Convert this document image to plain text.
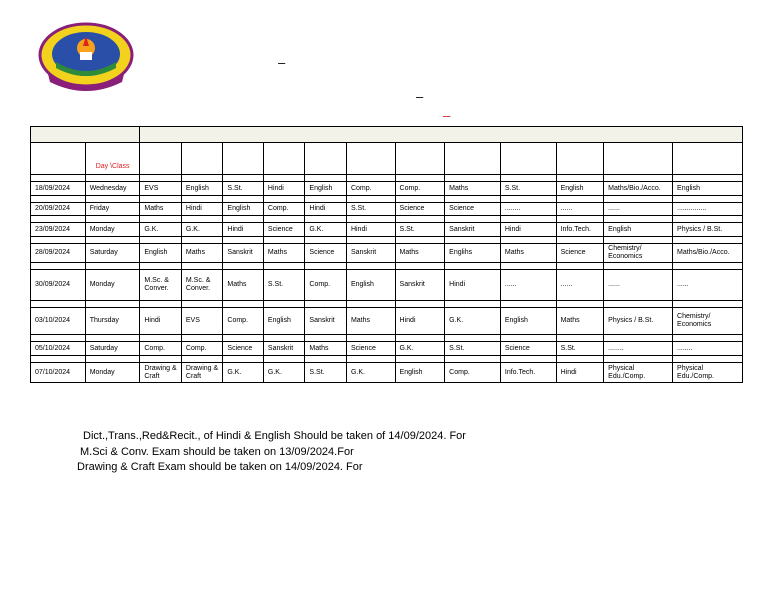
–
–
–

	Day \Class												

18/09/2024	Wednesday	EVS	English	S.St.	Hindi	English	Comp.	Comp.	Maths	S.St.	English	Maths/Bio./Acco.	English

20/09/2024	Friday	Maths	Hindi	English	Comp.	Hindi	S.St.	Science	Science	........	......	......	...............

23/09/2024	Monday	G.K.	G.K.	Hindi	Science	G.K.	Hindi	S.St.	Sanskrit	Hindi	Info.Tech.	English	Physics / B.St.

28/09/2024	Saturday	English	Maths	Sanskrit	Maths	Science	Sanskrit	Maths	Englihs	Maths	Science	Chemistry/ Economics	Maths/Bio./Acco.

30/09/2024	Monday	M.Sc. & Conver.	M.Sc. & Conver.	Maths	S.St.	Comp.	English	Sanskrit	Hindi	......	......	......	......

03/10/2024	Thursday	Hindi	EVS	Comp.	English	Sanskrit	Maths	Hindi	G.K.	English	Maths	Physics / B.St.	Chemistry/ Economics

05/10/2024	Saturday	Comp.	Comp.	Science	Sanskrit	Maths	Science	G.K.	S.St.	Science	S.St.	........	........

07/10/2024	Monday	Drawing & Craft	Drawing & Craft	G.K.	G.K.	S.St.	G.K.	English	Comp.	Info.Tech.	Hindi	Physical Edu./Comp.	Physical Edu./Comp.
Dict.,Trans.,Red&Recit., of Hindi & English Should be taken of 14/09/2024. For
M.Sci & Conv. Exam should be taken on 13/09/2024.For
Drawing & Craft Exam should be taken on 14/09/2024. For
